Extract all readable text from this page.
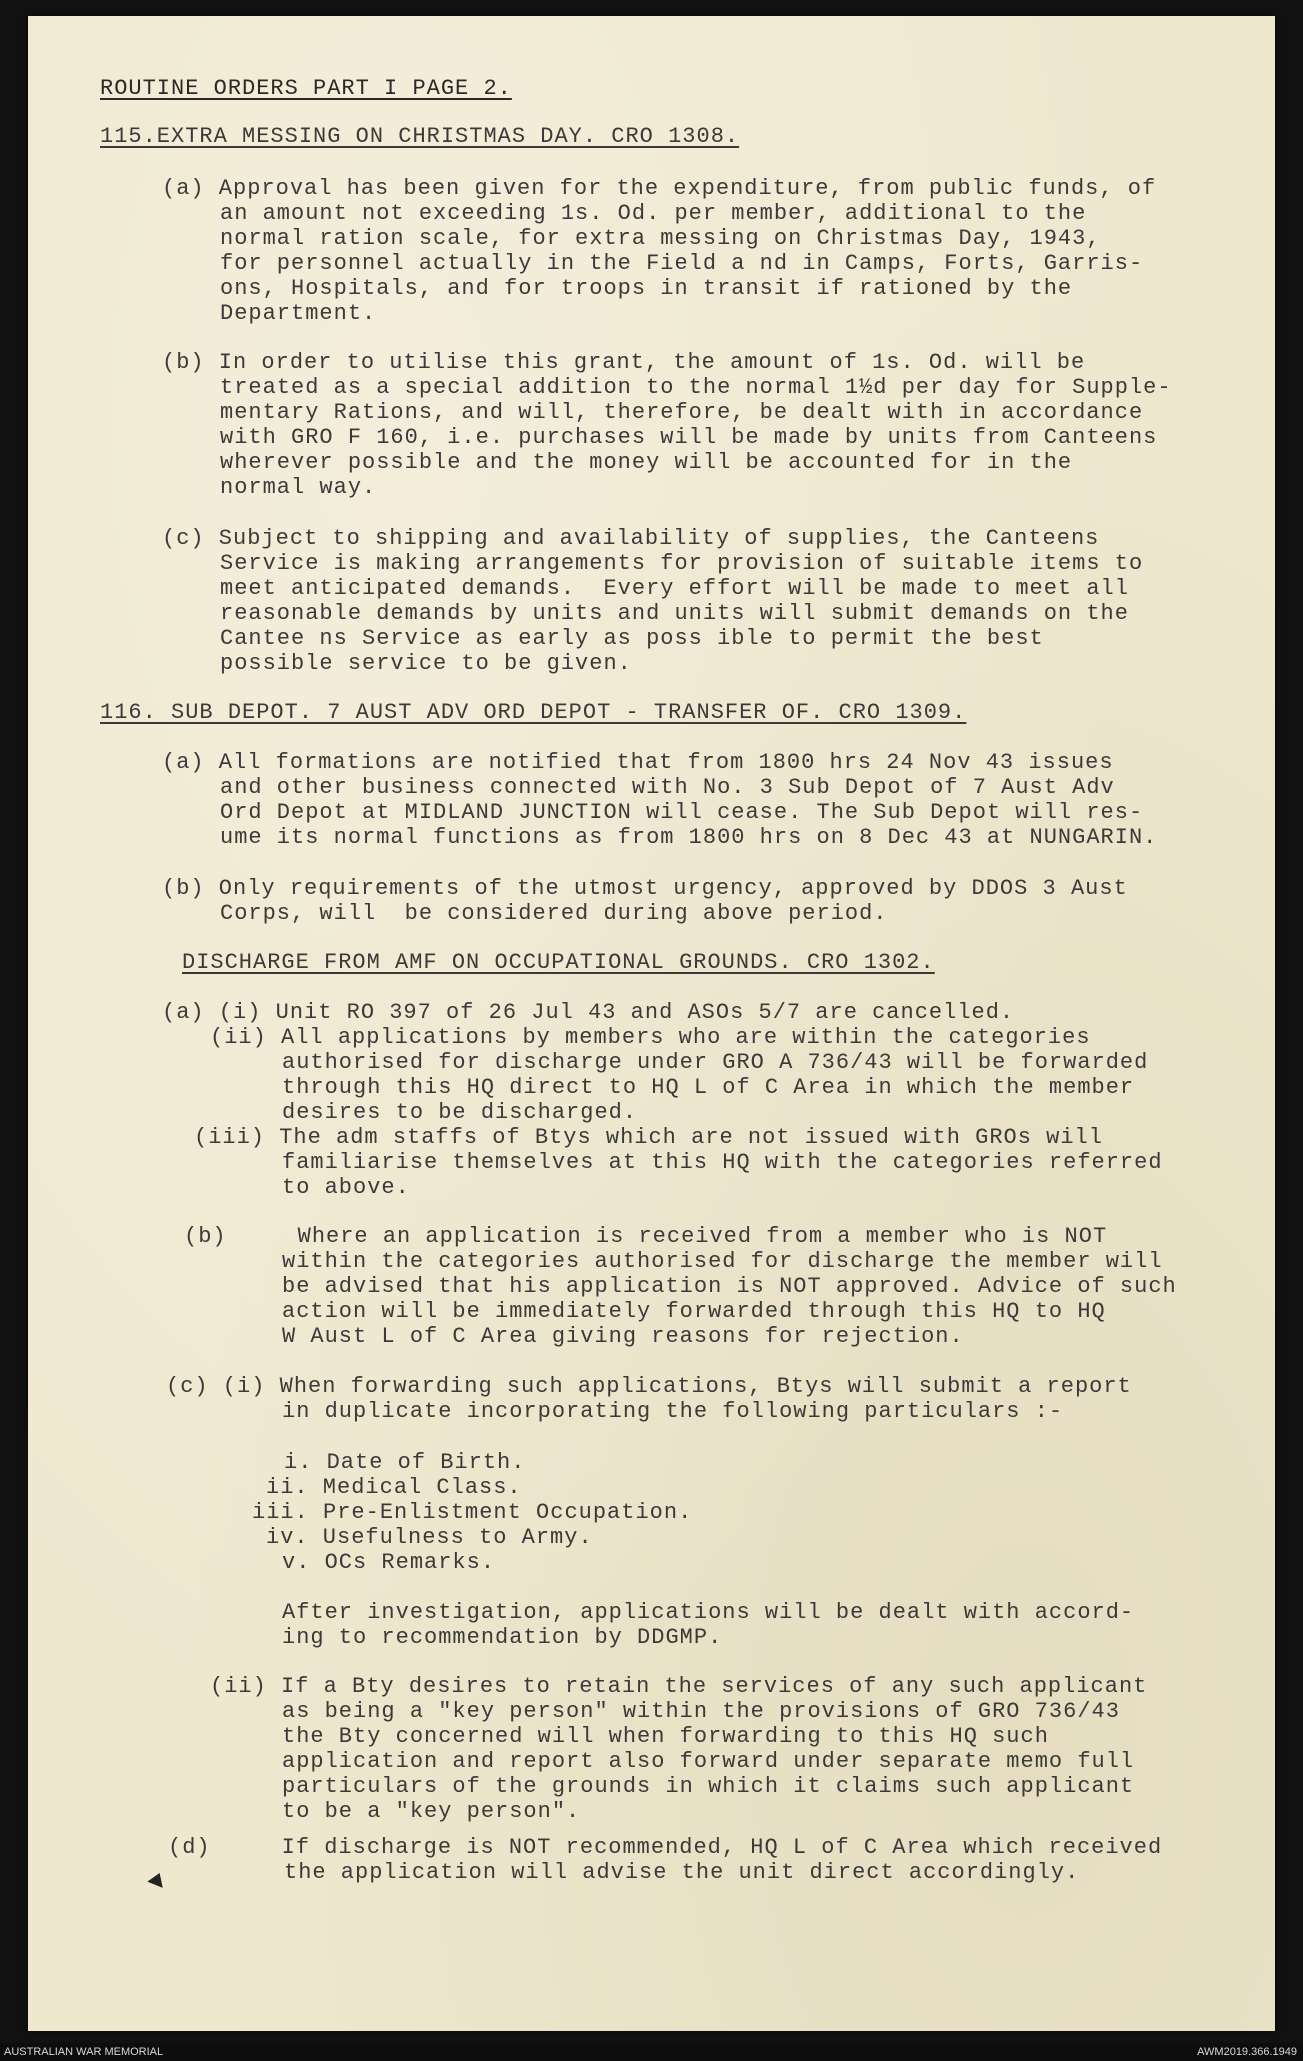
ROUTINE ORDERS PART I PAGE 2.

115.EXTRA MESSING ON CHRISTMAS DAY. CRO 1308.

(a) Approval has been given for the expenditure, from public funds, of

an amount not exceeding 1s. Od. per member, additional to the

normal ration scale, for extra messing on Christmas Day, 1943,

for personnel actually in the Field a nd in Camps, Forts, Garris-

ons, Hospitals, and for troops in transit if rationed by the

Department.

(b) In order to utilise this grant, the amount of 1s. Od. will be

treated as a special addition to the normal 1½d per day for Supple-

mentary Rations, and will, therefore, be dealt with in accordance

with GRO F 160, i.e. purchases will be made by units from Canteens

wherever possible and the money will be accounted for in the

normal way.

(c) Subject to shipping and availability of supplies, the Canteens

Service is making arrangements for provision of suitable items to

meet anticipated demands.  Every effort will be made to meet all

reasonable demands by units and units will submit demands on the

Cantee ns Service as early as poss ible to permit the best

possible service to be given.

116. SUB DEPOT. 7 AUST ADV ORD DEPOT - TRANSFER OF. CRO 1309.

(a) All formations are notified that from 1800 hrs 24 Nov 43 issues

and other business connected with No. 3 Sub Depot of 7 Aust Adv

Ord Depot at MIDLAND JUNCTION will cease. The Sub Depot will res-

ume its normal functions as from 1800 hrs on 8 Dec 43 at NUNGARIN.

(b) Only requirements of the utmost urgency, approved by DDOS 3 Aust

Corps, will  be considered during above period.

DISCHARGE FROM AMF ON OCCUPATIONAL GROUNDS. CRO 1302.

(a) (i) Unit RO 397 of 26 Jul 43 and ASOs 5/7 are cancelled.

(ii) All applications by members who are within the categories

authorised for discharge under GRO A 736/43 will be forwarded

through this HQ direct to HQ L of C Area in which the member

desires to be discharged.

(iii) The adm staffs of Btys which are not issued with GROs will

familiarise themselves at this HQ with the categories referred

to above.

(b)     Where an application is received from a member who is NOT

within the categories authorised for discharge the member will

be advised that his application is NOT approved. Advice of such

action will be immediately forwarded through this HQ to HQ

W Aust L of C Area giving reasons for rejection.

(c) (i) When forwarding such applications, Btys will submit a report

in duplicate incorporating the following particulars :-

i. Date of Birth.

ii. Medical Class.

iii. Pre-Enlistment Occupation.

iv. Usefulness to Army.

v. OCs Remarks.

After investigation, applications will be dealt with accord-

ing to recommendation by DDGMP.

(ii) If a Bty desires to retain the services of any such applicant

as being a "key person" within the provisions of GRO 736/43

the Bty concerned will when forwarding to this HQ such

application and report also forward under separate memo full

particulars of the grounds in which it claims such applicant

to be a "key person".

(d)     If discharge is NOT recommended, HQ L of C Area which received

the application will advise the unit direct accordingly.

AUSTRALIAN WAR MEMORIAL	AWM2019.366.1949
